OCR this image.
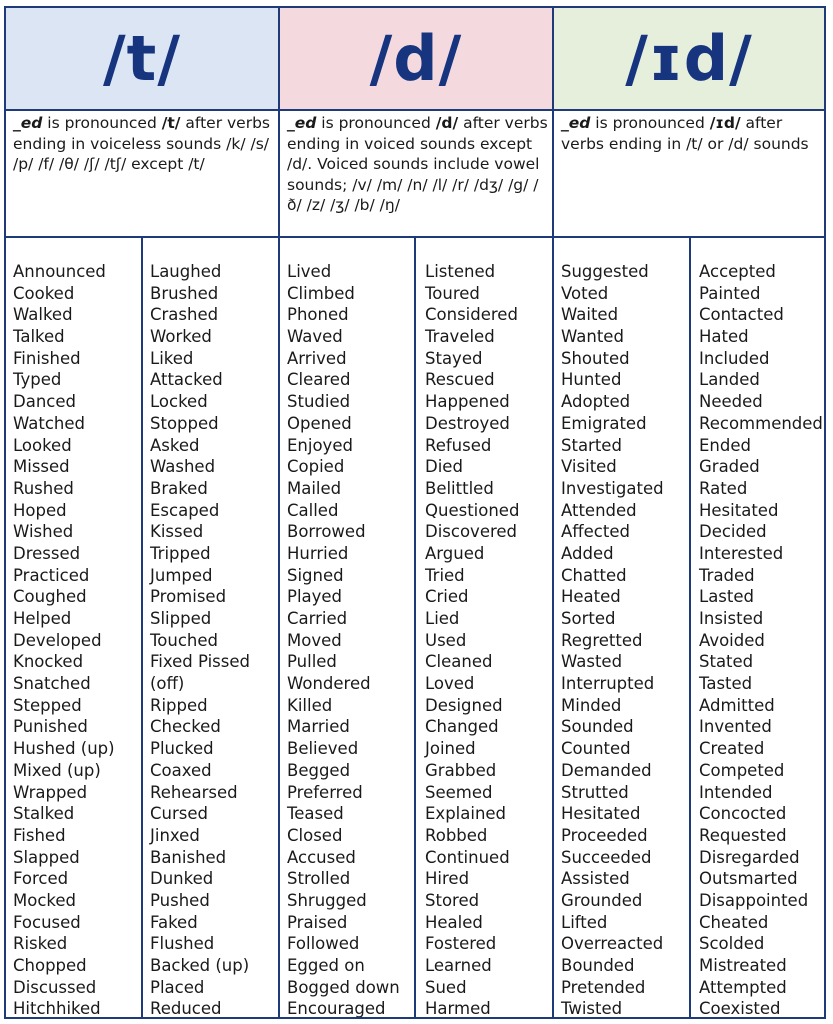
/t/	/d/	/ɪd/

_ed is pronounced /t/ after verbs ending in voiceless sounds /k/ /s/ /p/ /f/ /θ/ /ʃ/ /tʃ/ except /t/

_ed is pronounced /d/ after verbs ending in voiced sounds except /d/. Voiced sounds include vowel sounds; /v/ /m/ /n/ /l/ /r/ /dʒ/ /g/ /ð/ /z/ /ʒ/ /b/ /ŋ/

_ed is pronounced /ɪd/ after verbs ending in /t/ or /d/ sounds

Announced
Cooked
Walked
Talked
Finished
Typed
Danced
Watched
Looked
Missed
Rushed
Hoped
Wished
Dressed
Practiced
Coughed
Helped
Developed
Knocked
Snatched
Stepped
Punished
Hushed (up)
Mixed (up)
Wrapped
Stalked
Fished
Slapped
Forced
Mocked
Focused
Risked
Chopped
Discussed
Hitchhiked
Laughed
Brushed
Crashed
Worked
Liked
Attacked
Locked
Stopped
Asked
Washed
Braked
Escaped
Kissed
Tripped
Jumped
Promised
Slipped
Touched
Fixed Pissed
(off)
Ripped
Checked
Plucked
Coaxed
Rehearsed
Cursed
Jinxed
Banished
Dunked
Pushed
Faked
Flushed
Backed (up)
Placed
Reduced
Lived
Climbed
Phoned
Waved
Arrived
Cleared
Studied
Opened
Enjoyed
Copied
Mailed
Called
Borrowed
Hurried
Signed
Played
Carried
Moved
Pulled
Wondered
Killed
Married
Believed
Begged
Preferred
Teased
Closed
Accused
Strolled
Shrugged
Praised
Followed
Egged on
Bogged down
Encouraged
Listened
Toured
Considered
Traveled
Stayed
Rescued
Happened
Destroyed
Refused
Died
Belittled
Questioned
Discovered
Argued
Tried
Cried
Lied
Used
Cleaned
Loved
Designed
Changed
Joined
Grabbed
Seemed
Explained
Robbed
Continued
Hired
Stored
Healed
Fostered
Learned
Sued
Harmed
Suggested
Voted
Waited
Wanted
Shouted
Hunted
Adopted
Emigrated
Started
Visited
Investigated
Attended
Affected
Added
Chatted
Heated
Sorted
Regretted
Wasted
Interrupted
Minded
Sounded
Counted
Demanded
Strutted
Hesitated
Proceeded
Succeeded
Assisted
Grounded
Lifted
Overreacted
Bounded
Pretended
Twisted
Accepted
Painted
Contacted
Hated
Included
Landed
Needed
Recommended
Ended
Graded
Rated
Hesitated
Decided
Interested
Traded
Lasted
Insisted
Avoided
Stated
Tasted
Admitted
Invented
Created
Competed
Intended
Concocted
Requested
Disregarded
Outsmarted
Disappointed
Cheated
Scolded
Mistreated
Attempted
Coexisted
